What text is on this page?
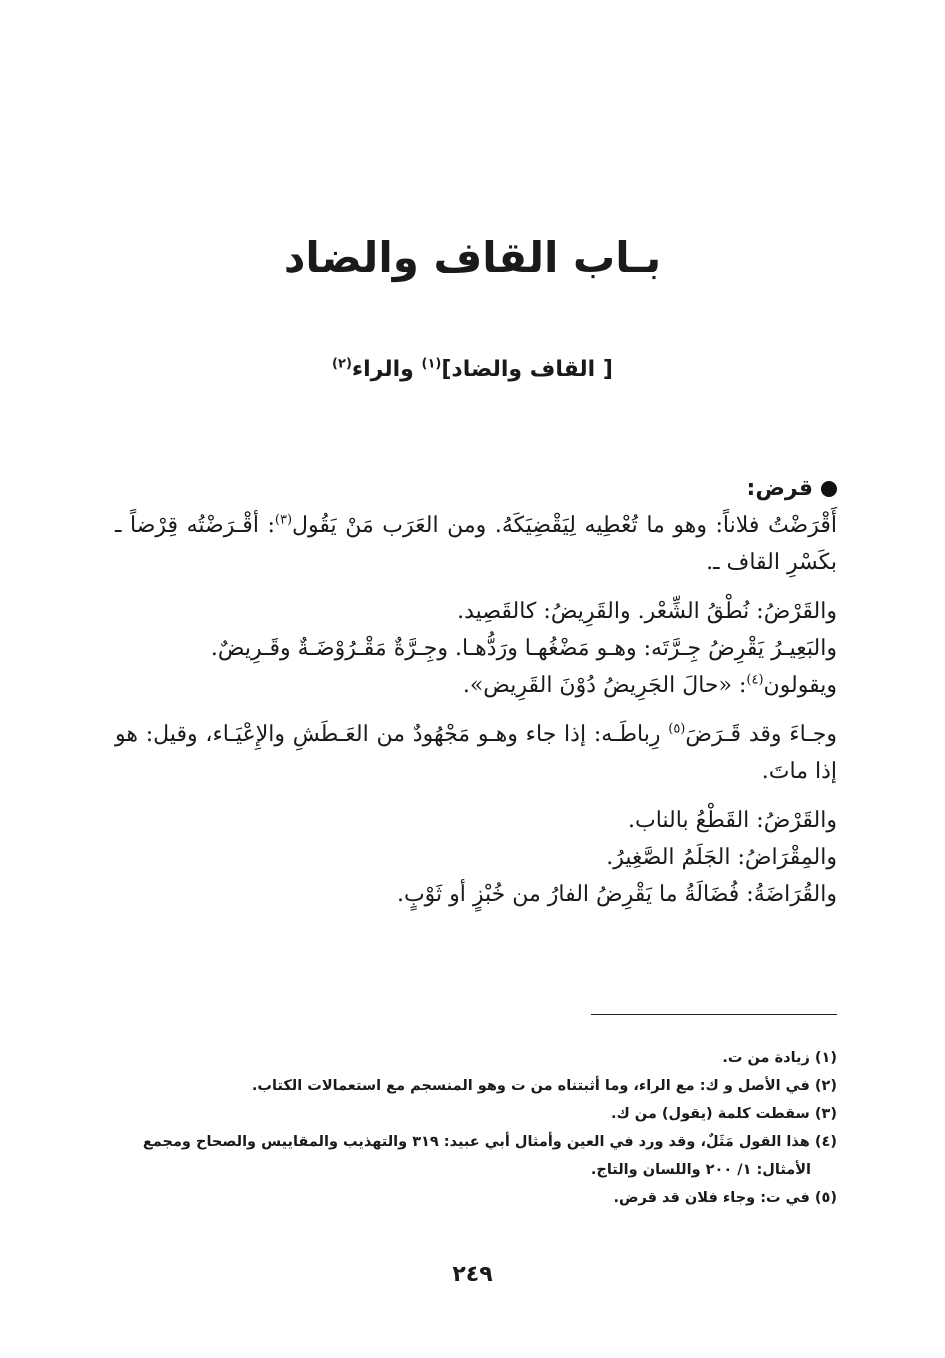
بـاب القاف والضاد
[ القاف والضاد]$^{(١)}$ والراء$^{(٢)}$

قرض:

أَقْرَضْتُ فلاناً: وهو ما تُعْطِيه لِيَقْضِيَكَهُ. ومن العَرَب مَنْ يَقُول$^{(٣)}$: أقْـرَضْتُه قِرْضاً ـ بكَسْرِ القاف ـ.

والقَرْضُ: نُطْقُ الشِّعْر. والقَرِيضُ: كالقَصِيد.

والبَعِيـرُ يَقْرِضُ جِـرَّتَه: وهـو مَضْغُهـا ورَدُّهـا. وجِـرَّةٌ مَقْـرُوْضَـةٌ وقَـرِيضٌ.

ويقولون$^{(٤)}$: «حالَ الجَرِيضُ دُوْنَ القَرِيض».

وجـاءَ وقد قَـرَضَ$^{(٥)}$ رِباطَـه: إذا جاء وهـو مَجْهُودٌ من العَـطَشِ والإِعْيَـاء، وقيل: هو إذا ماتَ.

والقَرْضُ: القَطْعُ بالناب.

والمِقْرَاضُ: الجَلَمُ الصَّغِيرُ.

والقُرَاضَةُ: فُضَالَةُ ما يَقْرِضُ الفارُ من خُبْزٍ أو ثَوْبٍ.

(١) زيادة من ت.

(٢) في الأصل و ك: مع الراء، وما أثبتناه من ت وهو المنسجم مع استعمالات الكتاب.

(٣) سقطت كلمة (يقول) من ك.

(٤) هذا القول مَثَلٌ، وقد ورد في العين وأمثال أبي عبيد: ٣١٩ والتهذيب والمقاييس والصحاح ومجمع

الأمثال: ١/ ٢٠٠ واللسان والتاج.

(٥) في ت: وجاء فلان قد قرض.

٢٤٩
